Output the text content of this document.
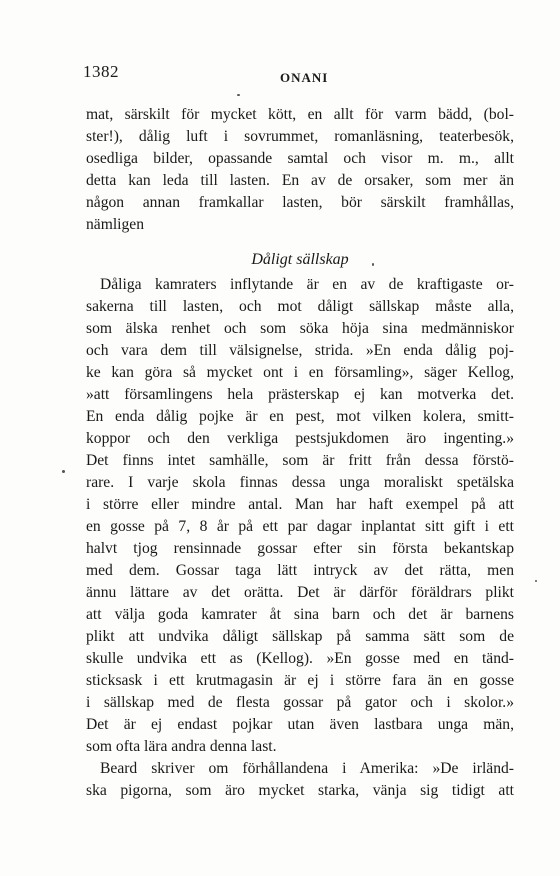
1382	ONANI
mat, särskilt för mycket kött, en allt för varm bädd, (bol-
ster!), dålig luft i sovrummet, romanläsning, teaterbesök,
osedliga bilder, opassande samtal och visor m. m., allt
detta kan leda till lasten. En av de orsaker, som mer än
någon annan framkallar lasten, bör särskilt framhållas,
nämligen
Dåligt sällskap
Dåliga kamraters inflytande är en av de kraftigaste or-
sakerna till lasten, och mot dåligt sällskap måste alla,
som älska renhet och som söka höja sina medmänniskor
och vara dem till välsignelse, strida. »En enda dålig poj-
ke kan göra så mycket ont i en församling», säger Kellog,
»att församlingens hela prästerskap ej kan motverka det.
En enda dålig pojke är en pest, mot vilken kolera, smitt-
koppor och den verkliga pestsjukdomen äro ingenting.»
Det finns intet samhälle, som är fritt från dessa förstö-
rare. I varje skola finnas dessa unga moraliskt spetälska
i större eller mindre antal. Man har haft exempel på att
en gosse på 7, 8 år på ett par dagar inplantat sitt gift i ett
halvt tjog rensinnade gossar efter sin första bekantskap
med dem. Gossar taga lätt intryck av det rätta, men
ännu lättare av det orätta. Det är därför föräldrars plikt
att välja goda kamrater åt sina barn och det är barnens
plikt att undvika dåligt sällskap på samma sätt som de
skulle undvika ett as (Kellog). »En gosse med en tänd-
sticksask i ett krutmagasin är ej i större fara än en gosse
i sällskap med de flesta gossar på gator och i skolor.»
Det är ej endast pojkar utan även lastbara unga män,
som ofta lära andra denna last.
Beard skriver om förhållandena i Amerika: »De irländ-
ska pigorna, som äro mycket starka, vänja sig tidigt att
